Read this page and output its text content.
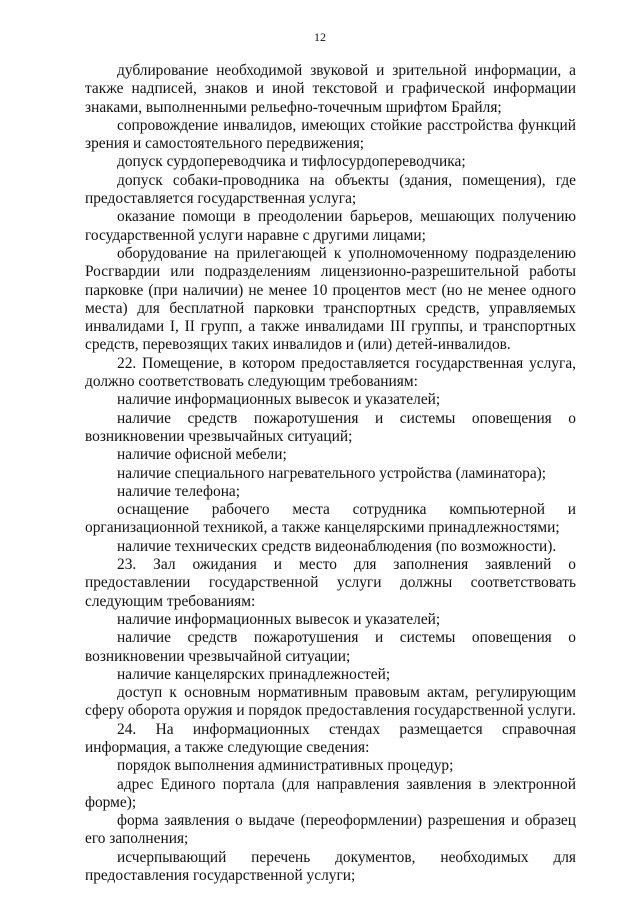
12

дублирование необходимой звуковой и зрительной информации, а также надписей, знаков и иной текстовой и графической информации знаками, выполненными рельефно-точечным шрифтом Брайля;

сопровождение инвалидов, имеющих стойкие расстройства функций зрения и самостоятельного передвижения;

допуск сурдопереводчика и тифлосурдопереводчика;

допуск собаки-проводника на объекты (здания, помещения), где предоставляется государственная услуга;

оказание помощи в преодолении барьеров, мешающих получению государственной услуги наравне с другими лицами;

оборудование на прилегающей к уполномоченному подразделению Росгвардии или подразделениям лицензионно-разрешительной работы парковке (при наличии) не менее 10 процентов мест (но не менее одного места) для бесплатной парковки транспортных средств, управляемых инвалидами I, II групп, а также инвалидами III группы, и транспортных средств, перевозящих таких инвалидов и (или) детей-инвалидов.

22. Помещение, в котором предоставляется государственная услуга, должно соответствовать следующим требованиям:

наличие информационных вывесок и указателей;

наличие средств пожаротушения и системы оповещения о возникновении чрезвычайных ситуаций;

наличие офисной мебели;

наличие специального нагревательного устройства (ламинатора);

наличие телефона;

оснащение рабочего места сотрудника компьютерной и организационной техникой, а также канцелярскими принадлежностями;

наличие технических средств видеонаблюдения (по возможности).

23. Зал ожидания и место для заполнения заявлений о предоставлении государственной услуги должны соответствовать следующим требованиям:

наличие информационных вывесок и указателей;

наличие средств пожаротушения и системы оповещения о возникновении чрезвычайной ситуации;

наличие канцелярских принадлежностей;

доступ к основным нормативным правовым актам, регулирующим сферу оборота оружия и порядок предоставления государственной услуги.

24. На информационных стендах размещается справочная информация, а также следующие сведения:

порядок выполнения административных процедур;

адрес Единого портала (для направления заявления в электронной форме);

форма заявления о выдаче (переоформлении) разрешения и образец его заполнения;

исчерпывающий перечень документов, необходимых для предоставления государственной услуги;
